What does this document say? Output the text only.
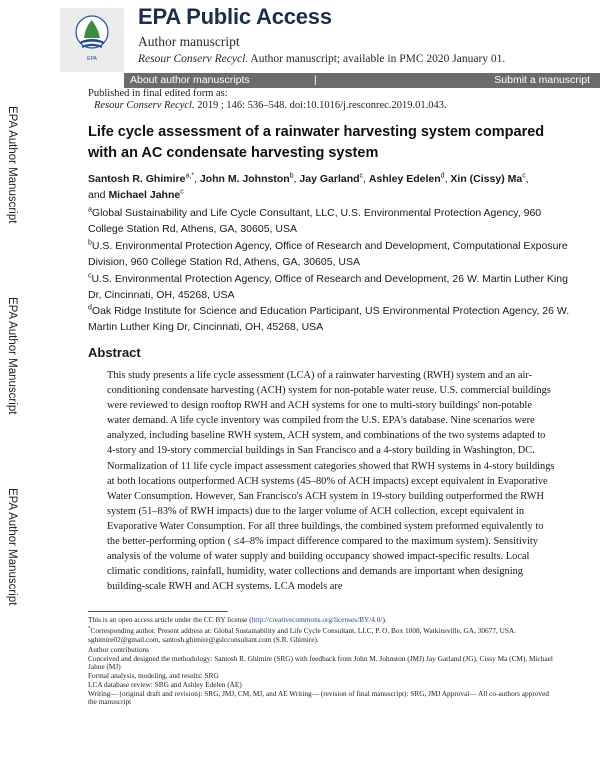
EPA
EPA Public Access
Author manuscript
Resour Conserv Recycl. Author manuscript; available in PMC 2020 January 01.
About author manuscripts	|	Submit a manuscript
EPA Author Manuscript
EPA Author Manuscript
EPA Author Manuscript
Published in final edited form as:
Resour Conserv Recycl. 2019 ; 146: 536–548. doi:10.1016/j.resconrec.2019.01.043.
Life cycle assessment of a rainwater harvesting system compared with an AC condensate harvesting system
Santosh R. Ghimire$^{a,*}$, John M. Johnston$^b$, Jay Garland$^c$, Ashley Edelen$^d$, Xin (Cissy) Ma$^c$,
and Michael Jahne$^c$
$^a$Global Sustainability and Life Cycle Consultant, LLC, U.S. Environmental Protection Agency, 960 College Station Rd, Athens, GA, 30605, USA
$^b$U.S. Environmental Protection Agency, Office of Research and Development, Computational Exposure Division, 960 College Station Rd, Athens, GA, 30605, USA
$^c$U.S. Environmental Protection Agency, Office of Research and Development, 26 W. Martin Luther King Dr, Cincinnati, OH, 45268, USA
$^d$Oak Ridge Institute for Science and Education Participant, US Environmental Protection Agency, 26 W. Martin Luther King Dr, Cincinnati, OH, 45268, USA
Abstract

This study presents a life cycle assessment (LCA) of a rainwater harvesting (RWH) system and an air-conditioning condensate harvesting (ACH) system for non-potable water reuse. U.S. commercial buildings were reviewed to design rooftop RWH and ACH systems for one to multi-story buildings' non-potable water demand. A life cycle inventory was compiled from the U.S. EPA's database. Nine scenarios were analyzed, including baseline RWH system, ACH system, and combinations of the two systems adapted to 4-story and 19-story commercial buildings in San Francisco and a 4-story building in Washington, DC. Normalization of 11 life cycle impact assessment categories showed that RWH systems in 4-story buildings at both locations outperformed ACH systems (45–80% of ACH impacts) except equivalent in Evaporative Water Consumption. However, San Francisco's ACH system in 19-story building outperformed the RWH system (51–83% of RWH impacts) due to the larger volume of ACH collection, except equivalent in Evaporative Water Consumption. For all three buildings, the combined system preformed equivalently to the better-performing option ( ≤4–8% impact difference compared to the maximum system). Sensitivity analysis of the volume of water supply and building occupancy showed impact-specific results. Local climatic conditions, rainfall, humidity, water collections and demands are important when designing building-scale RWH and ACH systems. LCA models are

This is an open access article under the CC BY license (http://creativecommons.org/licenses/BY/4.0/).
*Corresponding author. Present address at: Global Sustainability and Life Cycle Consultant, LLC, P. O. Box 1008, Watkinsville, GA, 30677, USA. sghimire02@gmail.com, santosh.ghimire@gslcconsultant.com (S.R. Ghimire).
Author contributions
Conceived and designed the methodology: Santosh R. Ghimire (SRG) with feedback from John M. Johnston (JMJ) Jay Garland (JG), Cissy Ma (CM), Michael Jahne (MJ)
Formal analysis, modeling, and results: SRG
LCA database review: SRG and Ashley Edelen (AE)
Writing— (original draft and revision): SRG, JMJ, CM, MJ, and AE Writing— (revision of final manuscript): SRG, JMJ Approval— All co-authors approved the manuscript
